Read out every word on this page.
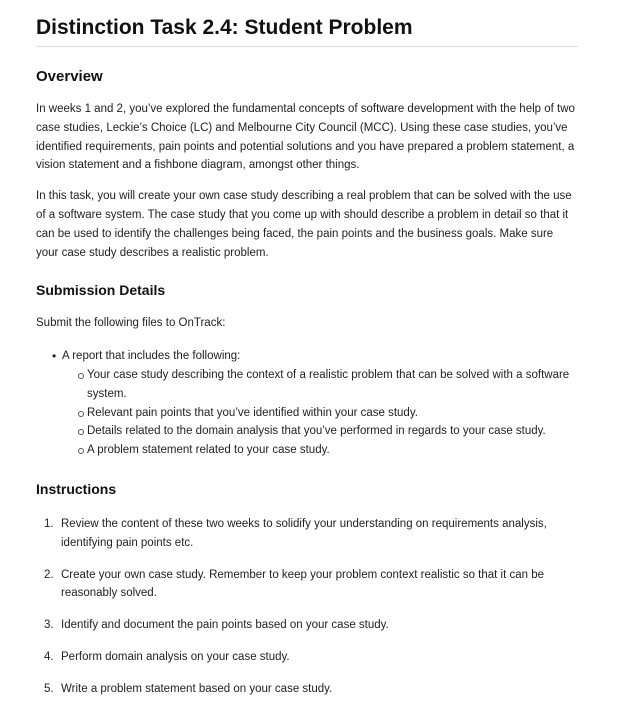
Distinction Task 2.4: Student Problem
Overview

In weeks 1 and 2, you’ve explored the fundamental concepts of software development with the help of two case studies, Leckie’s Choice (LC) and Melbourne City Council (MCC). Using these case studies, you’ve identified requirements, pain points and potential solutions and you have prepared a problem statement, a vision statement and a fishbone diagram, amongst other things.

In this task, you will create your own case study describing a real problem that can be solved with the use of a software system. The case study that you come up with should describe a problem in detail so that it can be used to identify the challenges being faced, the pain points and the business goals. Make sure your case study describes a realistic problem.

Submission Details

Submit the following files to OnTrack:

• A report that includes the following:
Your case study describing the context of a realistic problem that can be solved with a software system.
Relevant pain points that you’ve identified within your case study.
Details related to the domain analysis that you’ve performed in regards to your case study.
A problem statement related to your case study.
Instructions
1. Review the content of these two weeks to solidify your understanding on requirements analysis, identifying pain points etc.
2. Create your own case study. Remember to keep your problem context realistic so that it can be reasonably solved.
3. Identify and document the pain points based on your case study.
4. Perform domain analysis on your case study.
5. Write a problem statement based on your case study.
